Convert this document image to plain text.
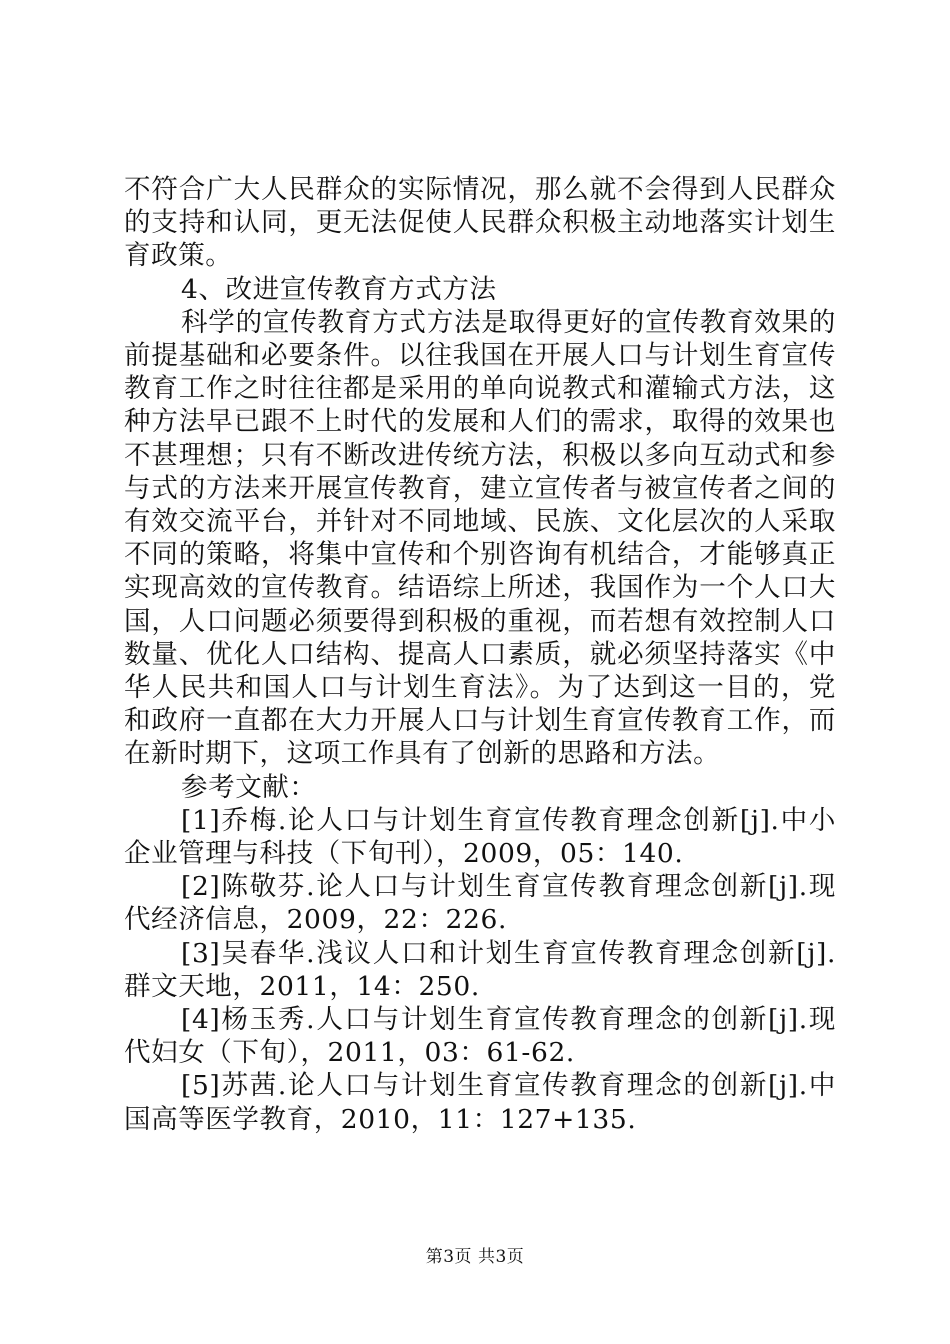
不符合广大人民群众的实际情况，那么就不会得到人民群众的支持和认同，更无法促使人民群众积极主动地落实计划生育政策。

4、改进宣传教育方式方法

科学的宣传教育方式方法是取得更好的宣传教育效果的前提基础和必要条件。以往我国在开展人口与计划生育宣传教育工作之时往往都是采用的单向说教式和灌输式方法，这种方法早已跟不上时代的发展和人们的需求，取得的效果也不甚理想；只有不断改进传统方法，积极以多向互动式和参与式的方法来开展宣传教育，建立宣传者与被宣传者之间的有效交流平台，并针对不同地域、民族、文化层次的人采取不同的策略，将集中宣传和个别咨询有机结合，才能够真正实现高效的宣传教育。结语综上所述，我国作为一个人口大国，人口问题必须要得到积极的重视，而若想有效控制人口数量、优化人口结构、提高人口素质，就必须坚持落实《中华人民共和国人口与计划生育法》。为了达到这一目的，党和政府一直都在大力开展人口与计划生育宣传教育工作，而在新时期下，这项工作具有了创新的思路和方法。

参考文献：

[1]乔梅.论人口与计划生育宣传教育理念创新[j].中小企业管理与科技（下旬刊），2009，05：140.

[2]陈敬芬.论人口与计划生育宣传教育理念创新[j].现代经济信息，2009，22：226.

[3]吴春华.浅议人口和计划生育宣传教育理念创新[j].群文天地，2011，14：250.

[4]杨玉秀.人口与计划生育宣传教育理念的创新[j].现代妇女（下旬），2011，03：61-62.

[5]苏茜.论人口与计划生育宣传教育理念的创新[j].中国高等医学教育，2010，11：127+135.

第3页 共3页
